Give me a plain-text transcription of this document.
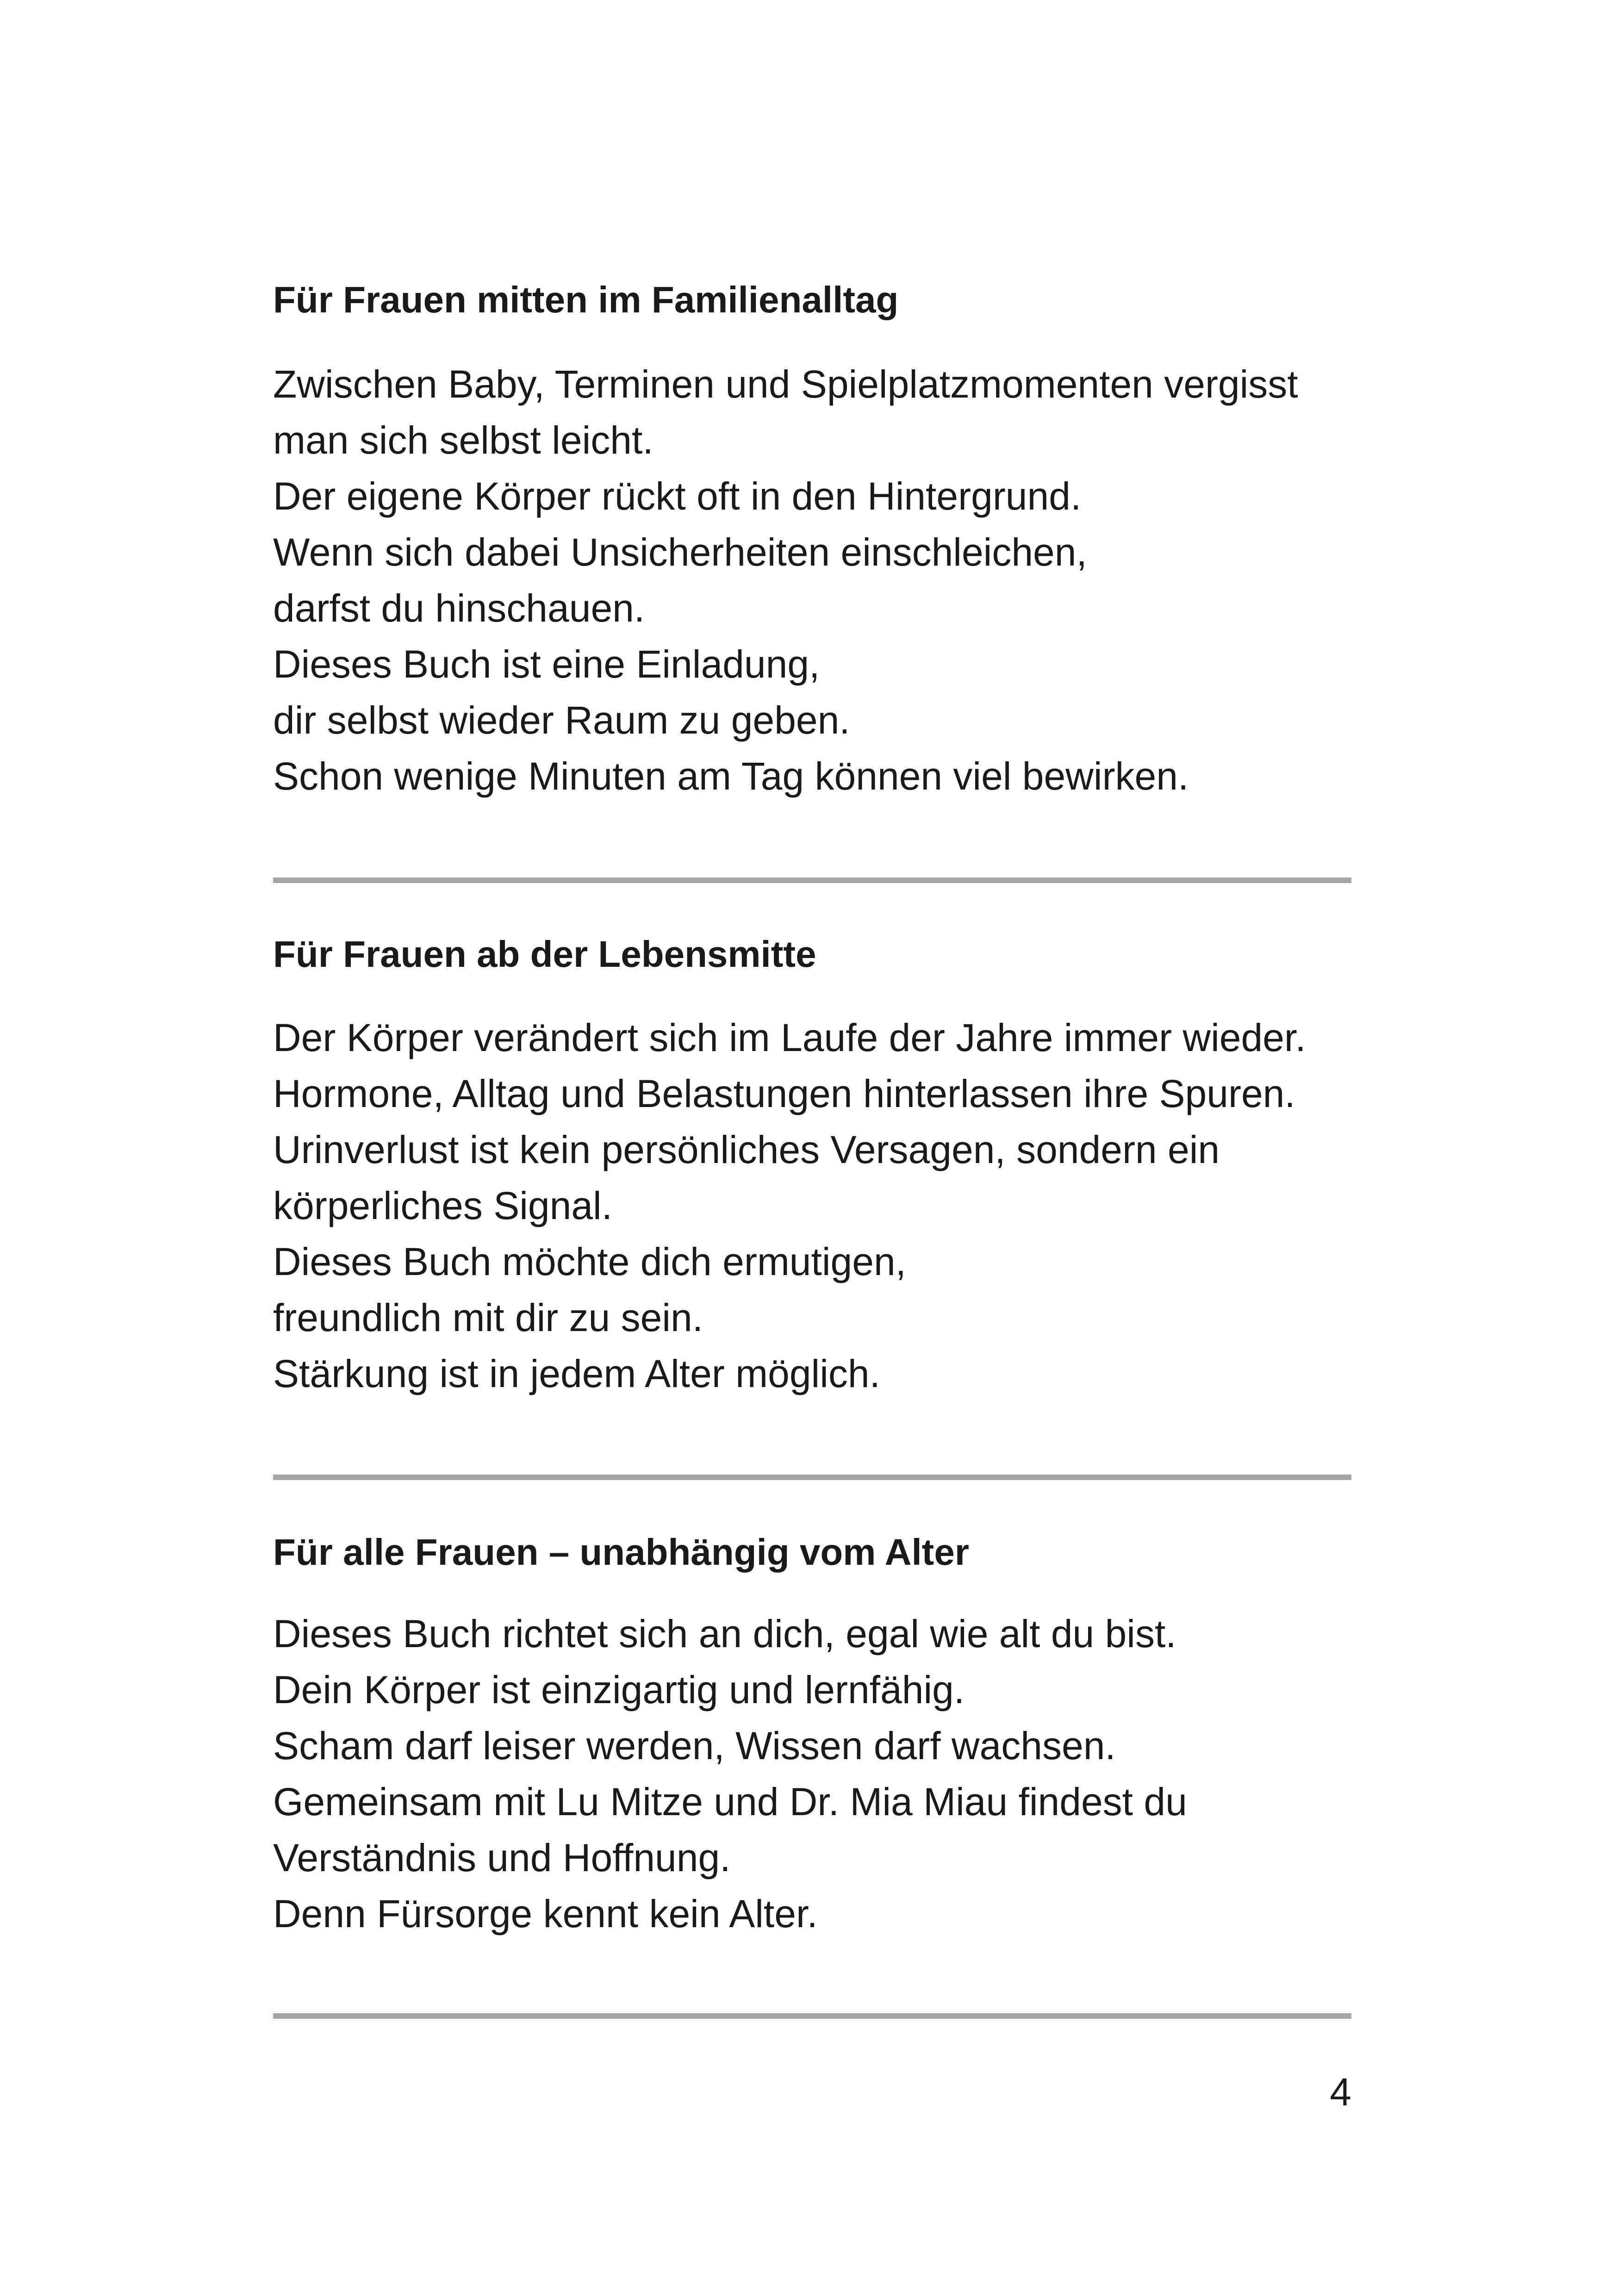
Für Frauen mitten im Familienalltag

Zwischen Baby, Terminen und Spielplatzmomenten vergisst
man sich selbst leicht.
Der eigene Körper rückt oft in den Hintergrund.
Wenn sich dabei Unsicherheiten einschleichen,
darfst du hinschauen.
Dieses Buch ist eine Einladung,
dir selbst wieder Raum zu geben.
Schon wenige Minuten am Tag können viel bewirken.

Für Frauen ab der Lebensmitte

Der Körper verändert sich im Laufe der Jahre immer wieder.
Hormone, Alltag und Belastungen hinterlassen ihre Spuren.
Urinverlust ist kein persönliches Versagen, sondern ein
körperliches Signal.
Dieses Buch möchte dich ermutigen,
freundlich mit dir zu sein.
Stärkung ist in jedem Alter möglich.

Für alle Frauen – unabhängig vom Alter

Dieses Buch richtet sich an dich, egal wie alt du bist.
Dein Körper ist einzigartig und lernfähig.
Scham darf leiser werden, Wissen darf wachsen.
Gemeinsam mit Lu Mitze und Dr. Mia Miau findest du
Verständnis und Hoffnung.
Denn Fürsorge kennt kein Alter.

4
